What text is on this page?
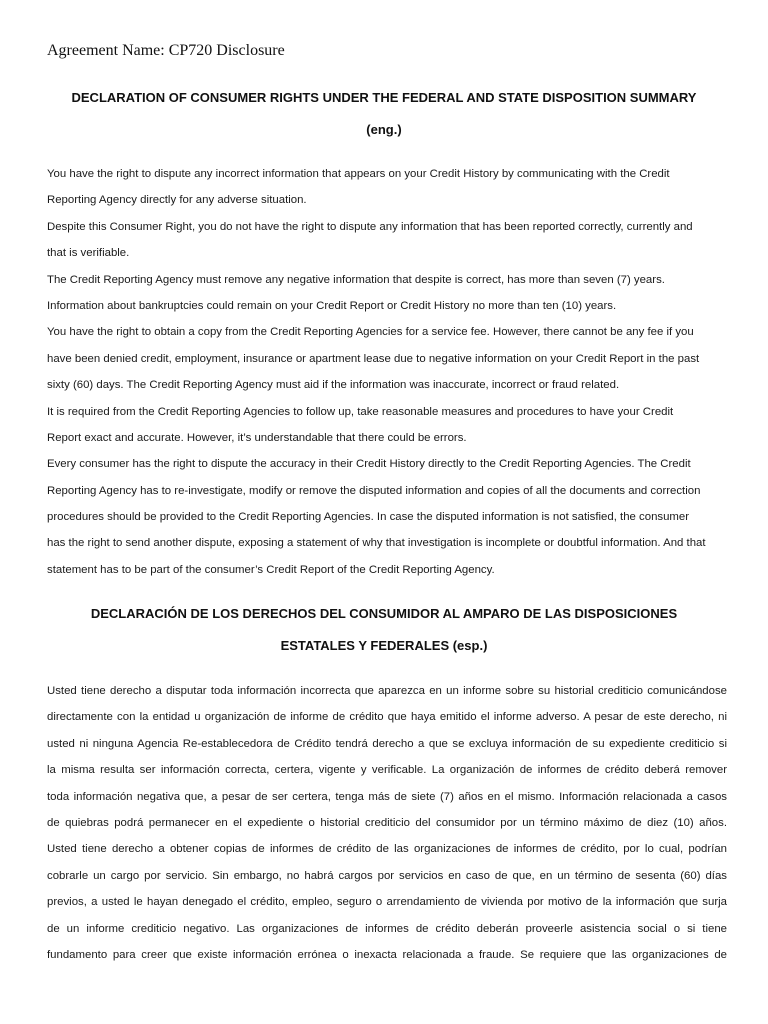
Agreement Name: CP720 Disclosure
DECLARATION OF CONSUMER RIGHTS UNDER THE FEDERAL AND STATE DISPOSITION SUMMARY
(eng.)
You have the right to dispute any incorrect information that appears on your Credit History by communicating with the Credit
Reporting Agency directly for any adverse situation.
Despite this Consumer Right, you do not have the right to dispute any information that has been reported correctly, currently and
that is verifiable.
The Credit Reporting Agency must remove any negative information that despite is correct, has more than seven (7) years.
Information about bankruptcies could remain on your Credit Report or Credit History no more than ten (10) years.
You have the right to obtain a copy from the Credit Reporting Agencies for a service fee. However, there cannot be any fee if you
have been denied credit, employment, insurance or apartment lease due to negative information on your Credit Report in the past
sixty (60) days. The Credit Reporting Agency must aid if the information was inaccurate, incorrect or fraud related.
It is required from the Credit Reporting Agencies to follow up, take reasonable measures and procedures to have your Credit
Report exact and accurate. However, it’s understandable that there could be errors.
Every consumer has the right to dispute the accuracy in their Credit History directly to the Credit Reporting Agencies. The Credit
Reporting Agency has to re-investigate, modify or remove the disputed information and copies of all the documents and correction
procedures should be provided to the Credit Reporting Agencies. In case the disputed information is not satisfied, the consumer
has the right to send another dispute, exposing a statement of why that investigation is incomplete or doubtful information. And that
statement has to be part of the consumer’s Credit Report of the Credit Reporting Agency.
DECLARACIÓN DE LOS DERECHOS DEL CONSUMIDOR AL AMPARO DE LAS DISPOSICIONES
ESTATALES Y FEDERALES (esp.)
Usted tiene derecho a disputar toda información incorrecta que aparezca en un informe sobre su historial crediticio comunicándose
directamente con la entidad u organización de informe de crédito que haya emitido el informe adverso. A pesar de este derecho, ni
usted ni ninguna Agencia Re-establecedora de Crédito tendrá derecho a que se excluya información de su expediente crediticio si
la misma resulta ser información correcta, certera, vigente y verificable. La organización de informes de crédito deberá remover
toda información negativa que, a pesar de ser certera, tenga más de siete (7) años en el mismo. Información relacionada a casos
de quiebras podrá permanecer en el expediente o historial crediticio del consumidor por un término máximo de diez (10) años.
Usted tiene derecho a obtener copias de informes de crédito de las organizaciones de informes de crédito, por lo cual, podrían
cobrarle un cargo por servicio. Sin embargo, no habrá cargos por servicios en caso de que, en un término de sesenta (60) días
previos, a usted le hayan denegado el crédito, empleo, seguro o arrendamiento de vivienda por motivo de la información que surja
de un informe crediticio negativo. Las organizaciones de informes de crédito deberán proveerle asistencia social o si tiene
fundamento para creer que existe información errónea o inexacta relacionada a fraude. Se requiere que las organizaciones de
